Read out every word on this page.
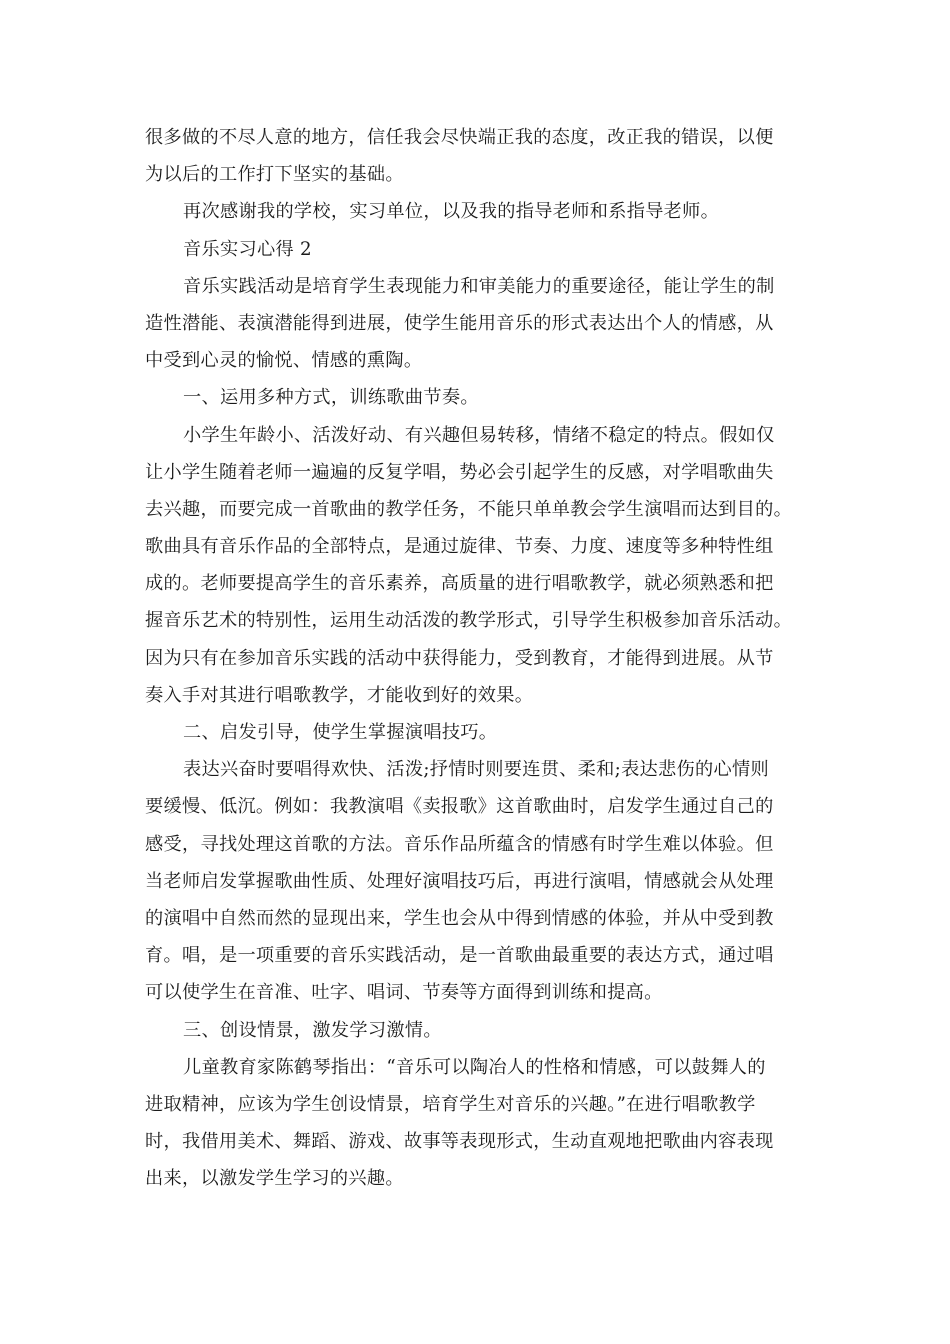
很多做的不尽人意的地方，信任我会尽快端正我的态度，改正我的错误，以便
为以后的工作打下坚实的基础。
再次感谢我的学校，实习单位，以及我的指导老师和系指导老师。
音乐实习心得 2
音乐实践活动是培育学生表现能力和审美能力的重要途径，能让学生的制
造性潜能、表演潜能得到进展，使学生能用音乐的形式表达出个人的情感，从
中受到心灵的愉悦、情感的熏陶。
一、运用多种方式，训练歌曲节奏。
小学生年龄小、活泼好动、有兴趣但易转移，情绪不稳定的特点。假如仅
让小学生随着老师一遍遍的反复学唱，势必会引起学生的反感，对学唱歌曲失
去兴趣，而要完成一首歌曲的教学任务，不能只单单教会学生演唱而达到目的。
歌曲具有音乐作品的全部特点，是通过旋律、节奏、力度、速度等多种特性组
成的。老师要提高学生的音乐素养，高质量的进行唱歌教学，就必须熟悉和把
握音乐艺术的特别性，运用生动活泼的教学形式，引导学生积极参加音乐活动。
因为只有在参加音乐实践的活动中获得能力，受到教育，才能得到进展。从节
奏入手对其进行唱歌教学，才能收到好的效果。
二、启发引导，使学生掌握演唱技巧。
表达兴奋时要唱得欢快、活泼;抒情时则要连贯、柔和;表达悲伤的心情则
要缓慢、低沉。例如：我教演唱《卖报歌》这首歌曲时，启发学生通过自己的
感受，寻找处理这首歌的方法。音乐作品所蕴含的情感有时学生难以体验。但
当老师启发掌握歌曲性质、处理好演唱技巧后，再进行演唱，情感就会从处理
的演唱中自然而然的显现出来，学生也会从中得到情感的体验，并从中受到教
育。唱，是一项重要的音乐实践活动，是一首歌曲最重要的表达方式，通过唱
可以使学生在音准、吐字、唱词、节奏等方面得到训练和提高。
三、创设情景，激发学习激情。
儿童教育家陈鹤琴指出：“音乐可以陶冶人的性格和情感，可以鼓舞人的
进取精神，应该为学生创设情景，培育学生对音乐的兴趣。”在进行唱歌教学
时，我借用美术、舞蹈、游戏、故事等表现形式，生动直观地把歌曲内容表现
出来，以激发学生学习的兴趣。
